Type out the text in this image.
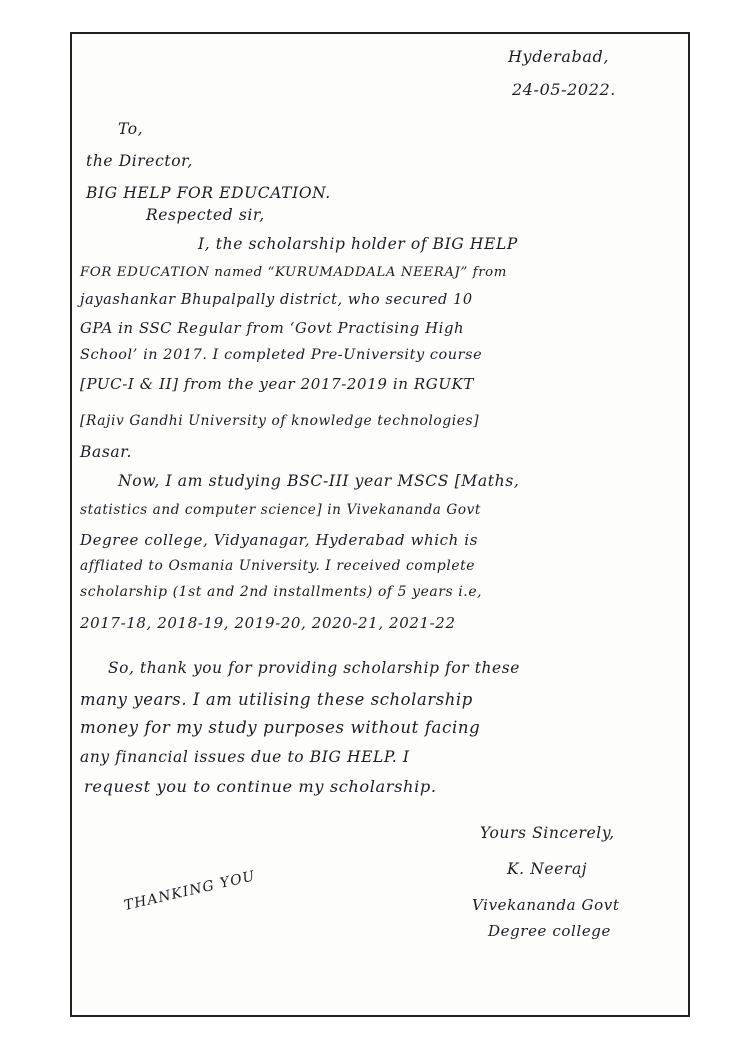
Hyderabad,
24-05-2022.
To,
the Director,
BIG HELP FOR EDUCATION.
Respected sir,
I, the scholarship holder of BIG HELP
FOR EDUCATION named “KURUMADDALA NEERAJ” from
jayashankar Bhupalpally district, who secured 10
GPA in SSC Regular from ‘Govt Practising High
School’ in 2017. I completed Pre-University course
[PUC-I & II] from the year 2017-2019 in RGUKT
[Rajiv Gandhi University of knowledge technologies]
Basar.
Now, I am studying BSC-III year MSCS [Maths,
statistics and computer science] in Vivekananda Govt
Degree college, Vidyanagar, Hyderabad which is
affliated to Osmania University. I received complete
scholarship (1st and 2nd installments) of 5 years i.e,
2017-18, 2018-19, 2019-20, 2020-21, 2021-22
So, thank you for providing scholarship for these
many years. I am utilising these scholarship
money for my study purposes without facing
any financial issues due to BIG HELP. I
request you to continue my scholarship.
Yours Sincerely,
K. Neeraj
Vivekananda Govt
Degree college
THANKING YOU
